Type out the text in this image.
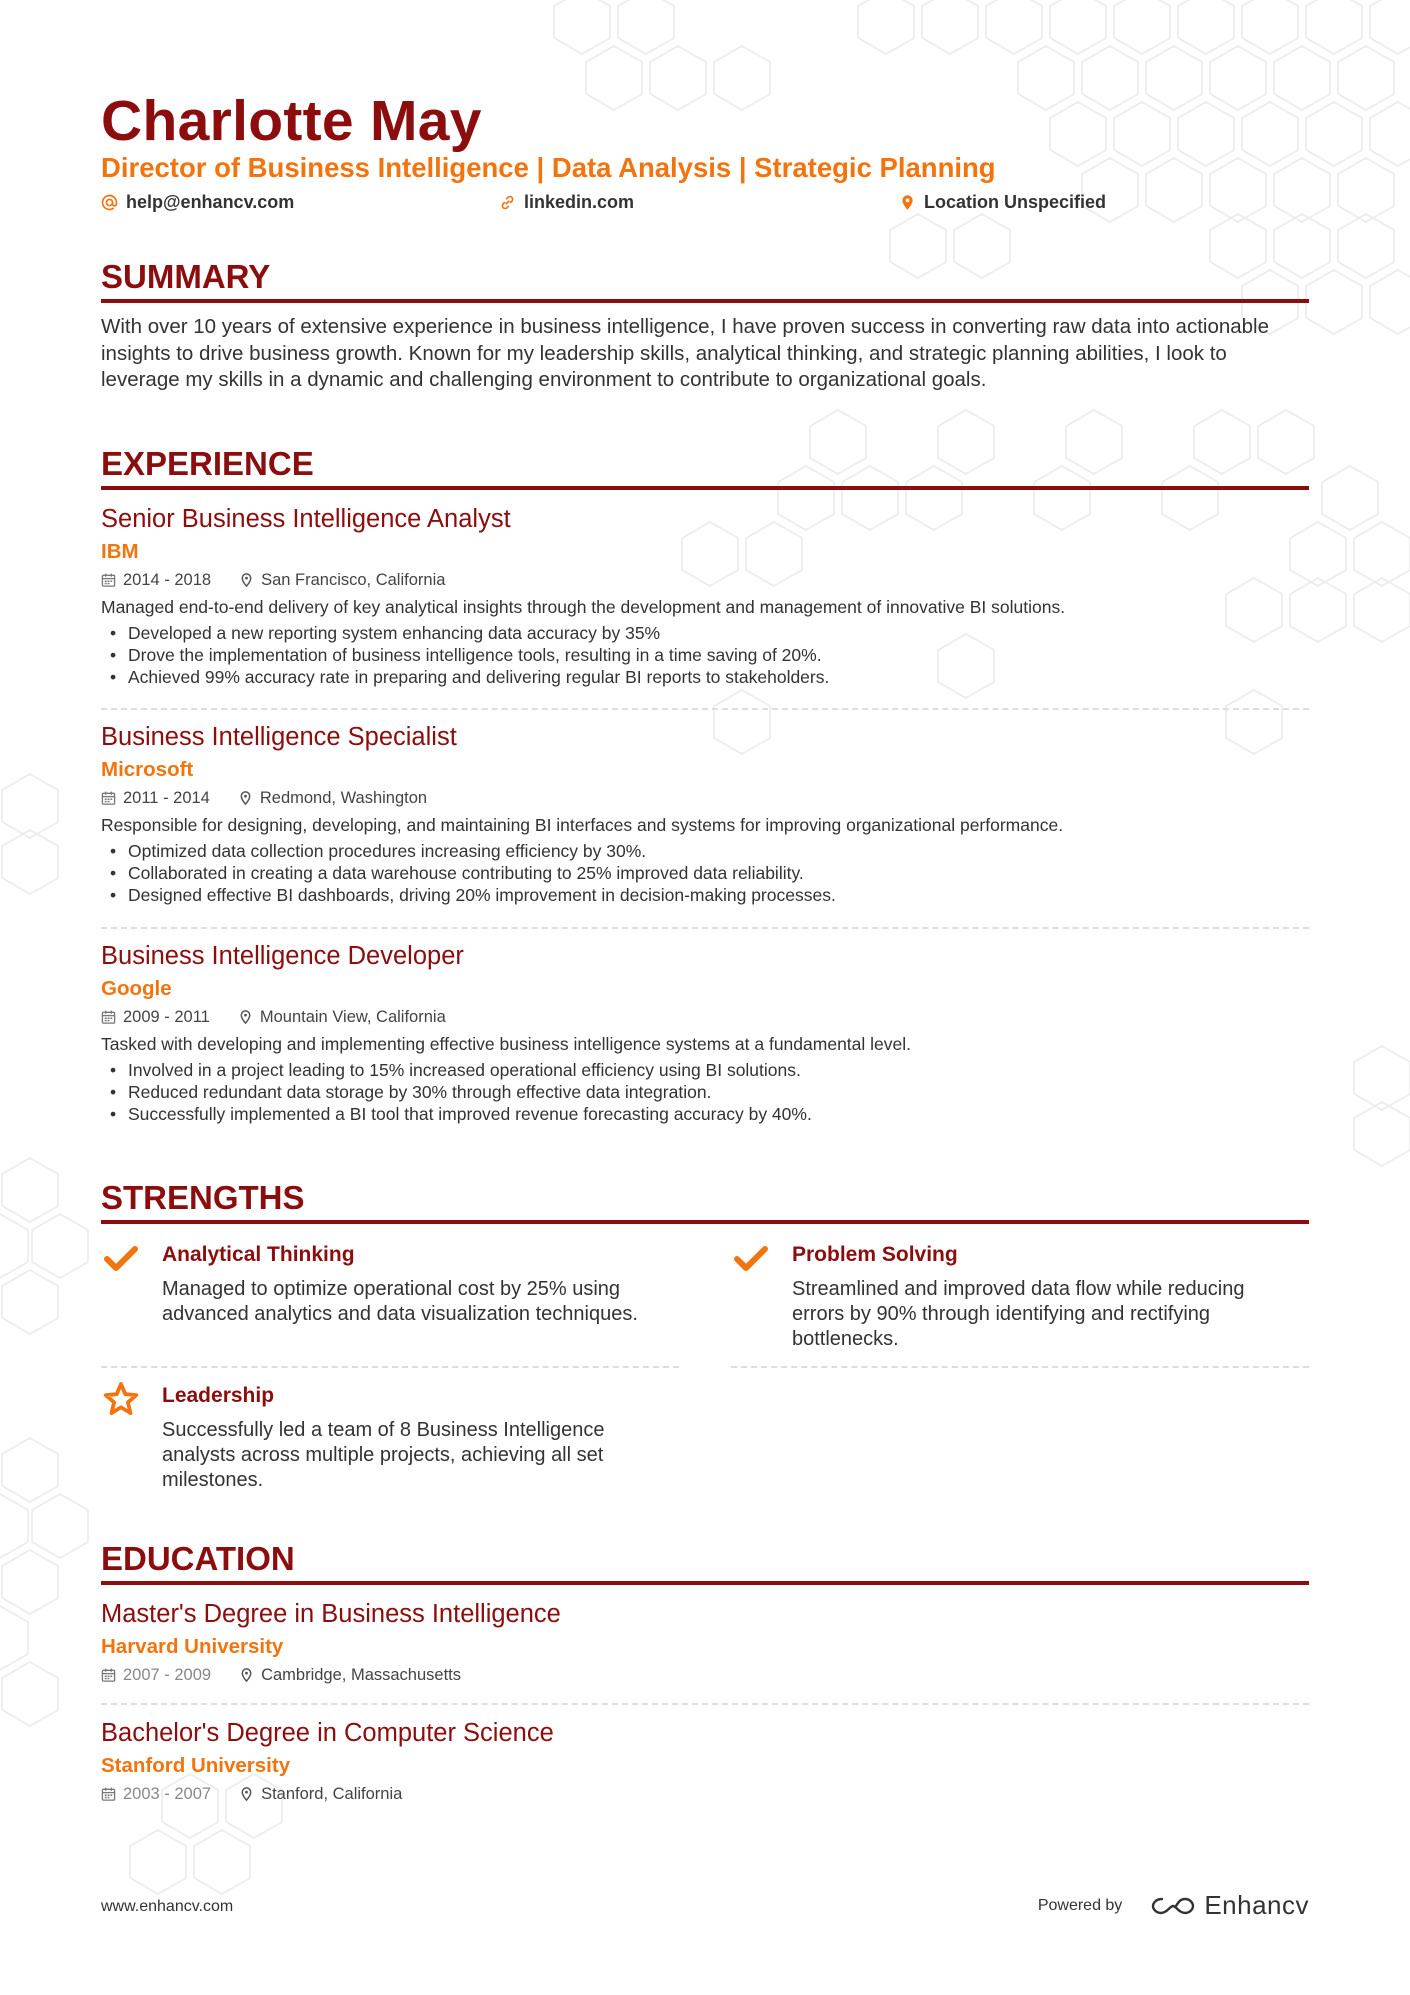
Charlotte May
Director of Business Intelligence | Data Analysis | Strategic Planning
help@enhancv.com	linkedin.com	Location Unspecified
SUMMARY

With over 10 years of extensive experience in business intelligence, I have proven success in converting raw data into actionable insights to drive business growth. Known for my leadership skills, analytical thinking, and strategic planning abilities, I look to leverage my skills in a dynamic and challenging environment to contribute to organizational goals.

EXPERIENCE
Senior Business Intelligence Analyst
IBM
2014 - 2018	San Francisco, California
Managed end-to-end delivery of key analytical insights through the development and management of innovative BI solutions.
• Developed a new reporting system enhancing data accuracy by 35%
• Drove the implementation of business intelligence tools, resulting in a time saving of 20%.
• Achieved 99% accuracy rate in preparing and delivering regular BI reports to stakeholders.
Business Intelligence Specialist
Microsoft
2011 - 2014	Redmond, Washington
Responsible for designing, developing, and maintaining BI interfaces and systems for improving organizational performance.
• Optimized data collection procedures increasing efficiency by 30%.
• Collaborated in creating a data warehouse contributing to 25% improved data reliability.
• Designed effective BI dashboards, driving 20% improvement in decision-making processes.
Business Intelligence Developer
Google
2009 - 2011	Mountain View, California
Tasked with developing and implementing effective business intelligence systems at a fundamental level.
• Involved in a project leading to 15% increased operational efficiency using BI solutions.
• Reduced redundant data storage by 30% through effective data integration.
• Successfully implemented a BI tool that improved revenue forecasting accuracy by 40%.
STRENGTHS
Analytical Thinking
Managed to optimize operational cost by 25% using advanced analytics and data visualization techniques.
Problem Solving
Streamlined and improved data flow while reducing errors by 90% through identifying and rectifying bottlenecks.
Leadership
Successfully led a team of 8 Business Intelligence analysts across multiple projects, achieving all set milestones.
EDUCATION
Master's Degree in Business Intelligence
Harvard University
2007 - 2009	Cambridge, Massachusetts
Bachelor's Degree in Computer Science
Stanford University
2003 - 2007	Stanford, California
www.enhancv.com	Powered by	Enhancv
